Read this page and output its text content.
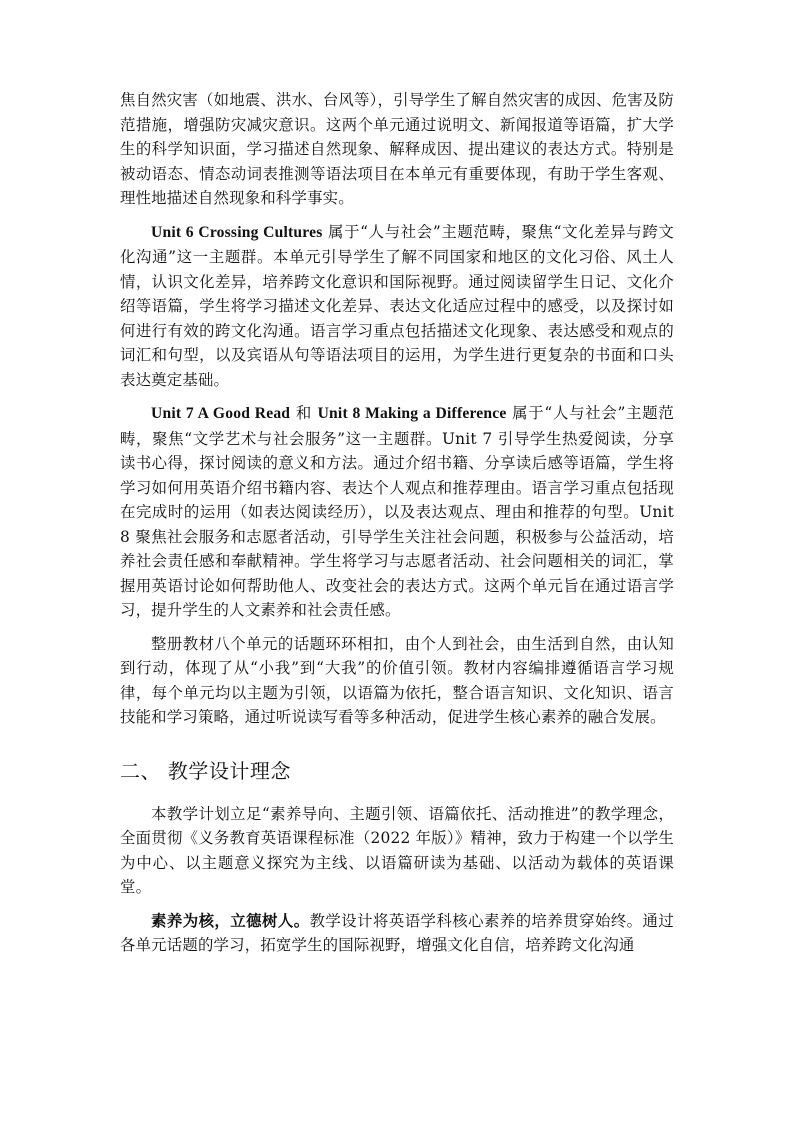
焦自然灾害（如地震、洪水、台风等），引导学生了解自然灾害的成因、危害及防范措施，增强防灾减灾意识。这两个单元通过说明文、新闻报道等语篇，扩大学生的科学知识面，学习描述自然现象、解释成因、提出建议的表达方式。特别是被动语态、情态动词表推测等语法项目在本单元有重要体现，有助于学生客观、理性地描述自然现象和科学事实。

Unit 6 Crossing Cultures 属于“人与社会”主题范畴，聚焦“文化差异与跨文化沟通”这一主题群。本单元引导学生了解不同国家和地区的文化习俗、风土人情，认识文化差异，培养跨文化意识和国际视野。通过阅读留学生日记、文化介绍等语篇，学生将学习描述文化差异、表达文化适应过程中的感受，以及探讨如何进行有效的跨文化沟通。语言学习重点包括描述文化现象、表达感受和观点的词汇和句型，以及宾语从句等语法项目的运用，为学生进行更复杂的书面和口头表达奠定基础。

Unit 7 A Good Read 和 Unit 8 Making a Difference 属于“人与社会”主题范畴，聚焦“文学艺术与社会服务”这一主题群。Unit 7 引导学生热爱阅读，分享读书心得，探讨阅读的意义和方法。通过介绍书籍、分享读后感等语篇，学生将学习如何用英语介绍书籍内容、表达个人观点和推荐理由。语言学习重点包括现在完成时的运用（如表达阅读经历），以及表达观点、理由和推荐的句型。Unit 8 聚焦社会服务和志愿者活动，引导学生关注社会问题，积极参与公益活动，培养社会责任感和奉献精神。学生将学习与志愿者活动、社会问题相关的词汇，掌握用英语讨论如何帮助他人、改变社会的表达方式。这两个单元旨在通过语言学习，提升学生的人文素养和社会责任感。

整册教材八个单元的话题环环相扣，由个人到社会，由生活到自然，由认知到行动，体现了从“小我”到“大我”的价值引领。教材内容编排遵循语言学习规律，每个单元均以主题为引领，以语篇为依托，整合语言知识、文化知识、语言技能和学习策略，通过听说读写看等多种活动，促进学生核心素养的融合发展。

二、 教学设计理念

本教学计划立足“素养导向、主题引领、语篇依托、活动推进”的教学理念，全面贯彻《义务教育英语课程标准（2022 年版）》精神，致力于构建一个以学生为中心、以主题意义探究为主线、以语篇研读为基础、以活动为载体的英语课堂。

素养为核，立德树人。教学设计将英语学科核心素养的培养贯穿始终。通过各单元话题的学习，拓宽学生的国际视野，增强文化自信，培养跨文化沟通
